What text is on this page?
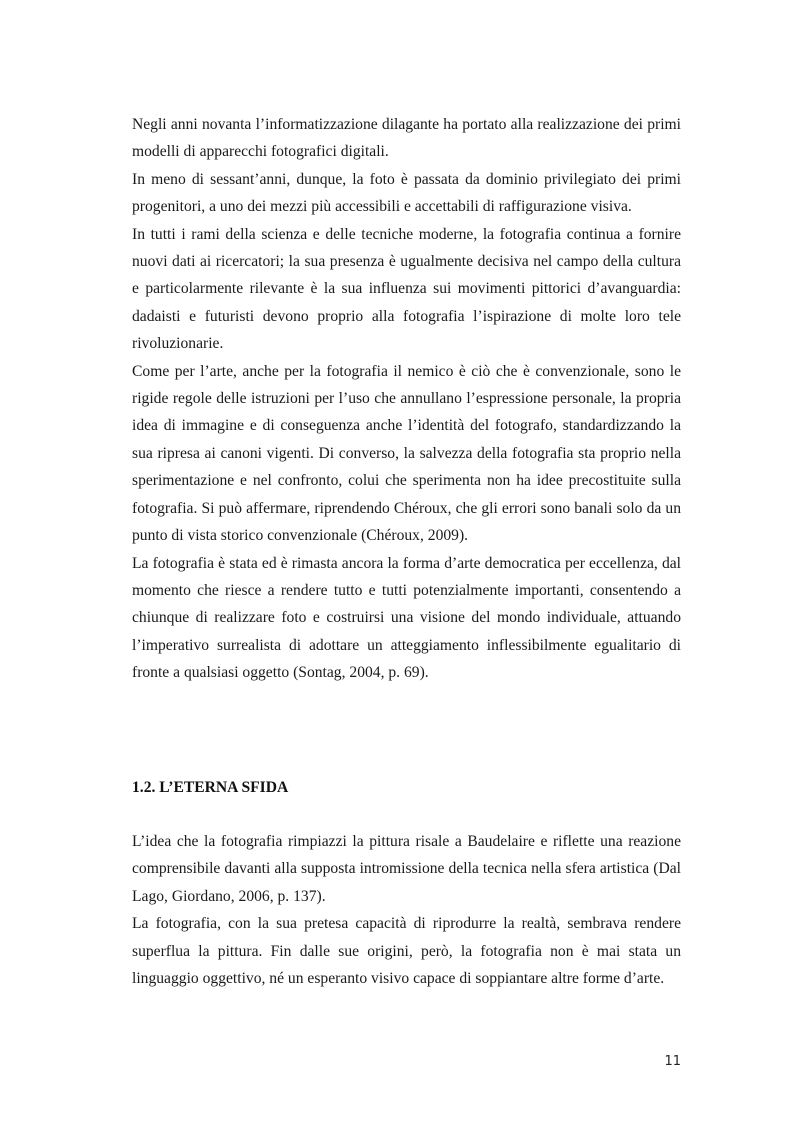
Negli anni novanta l’informatizzazione dilagante ha portato alla realizzazione dei primi modelli di apparecchi fotografici digitali.

In meno di sessant’anni, dunque, la foto è passata da dominio privilegiato dei primi progenitori, a uno dei mezzi più accessibili e accettabili di raffigurazione visiva.

In tutti i rami della scienza e delle tecniche moderne, la fotografia continua a fornire nuovi dati ai ricercatori; la sua presenza è ugualmente decisiva nel campo della cultura e particolarmente rilevante è la sua influenza sui movimenti pittorici d’avanguardia: dadaisti e futuristi devono proprio alla fotografia l’ispirazione di molte loro tele rivoluzionarie.

Come per l’arte, anche per la fotografia il nemico è ciò che è convenzionale, sono le rigide regole delle istruzioni per l’uso che annullano l’espressione personale, la propria idea di immagine e di conseguenza anche l’identità del fotografo, standardizzando la sua ripresa ai canoni vigenti. Di converso, la salvezza della fotografia sta proprio nella sperimentazione e nel confronto, colui che sperimenta non ha idee precostituite sulla fotografia. Si può affermare, riprendendo Chéroux, che gli errori sono banali solo da un punto di vista storico convenzionale (Chéroux, 2009).

La fotografia è stata ed è rimasta ancora la forma d’arte democratica per eccellenza, dal momento che riesce a rendere tutto e tutti potenzialmente importanti, consentendo a chiunque di realizzare foto e costruirsi una visione del mondo individuale, attuando l’imperativo surrealista di adottare un atteggiamento inflessibilmente egualitario di fronte a qualsiasi oggetto (Sontag, 2004, p. 69).

1.2. L’ETERNA SFIDA

L’idea che la fotografia rimpiazzi la pittura risale a Baudelaire e riflette una reazione comprensibile davanti alla supposta intromissione della tecnica nella sfera artistica (Dal Lago, Giordano, 2006, p. 137).

La fotografia, con la sua pretesa capacità di riprodurre la realtà, sembrava rendere superflua la pittura. Fin dalle sue origini, però, la fotografia non è mai stata un linguaggio oggettivo, né un esperanto visivo capace di soppiantare altre forme d’arte.

11
